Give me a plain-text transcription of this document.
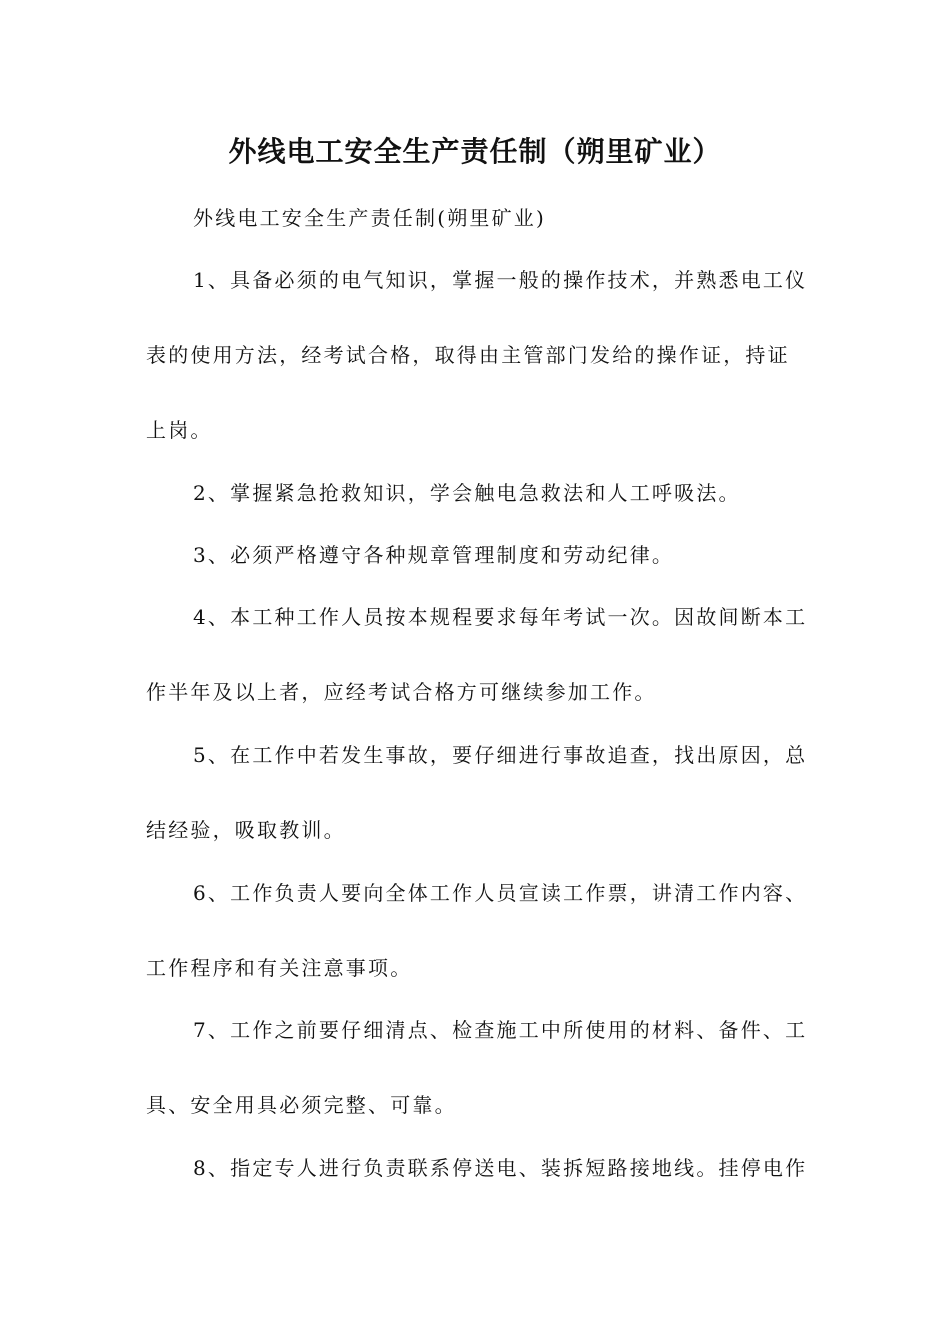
外线电工安全生产责任制（朔里矿业）
外线电工安全生产责任制(朔里矿业)
1、具备必须的电气知识，掌握一般的操作技术，并熟悉电工仪
表的使用方法，经考试合格，取得由主管部门发给的操作证，持证
上岗。
2、掌握紧急抢救知识，学会触电急救法和人工呼吸法。
3、必须严格遵守各种规章管理制度和劳动纪律。
4、本工种工作人员按本规程要求每年考试一次。因故间断本工
作半年及以上者，应经考试合格方可继续参加工作。
5、在工作中若发生事故，要仔细进行事故追查，找出原因，总
结经验，吸取教训。
6、工作负责人要向全体工作人员宣读工作票，讲清工作内容、
工作程序和有关注意事项。
7、工作之前要仔细清点、检查施工中所使用的材料、备件、工
具、安全用具必须完整、可靠。
8、指定专人进行负责联系停送电、装拆短路接地线。挂停电作
